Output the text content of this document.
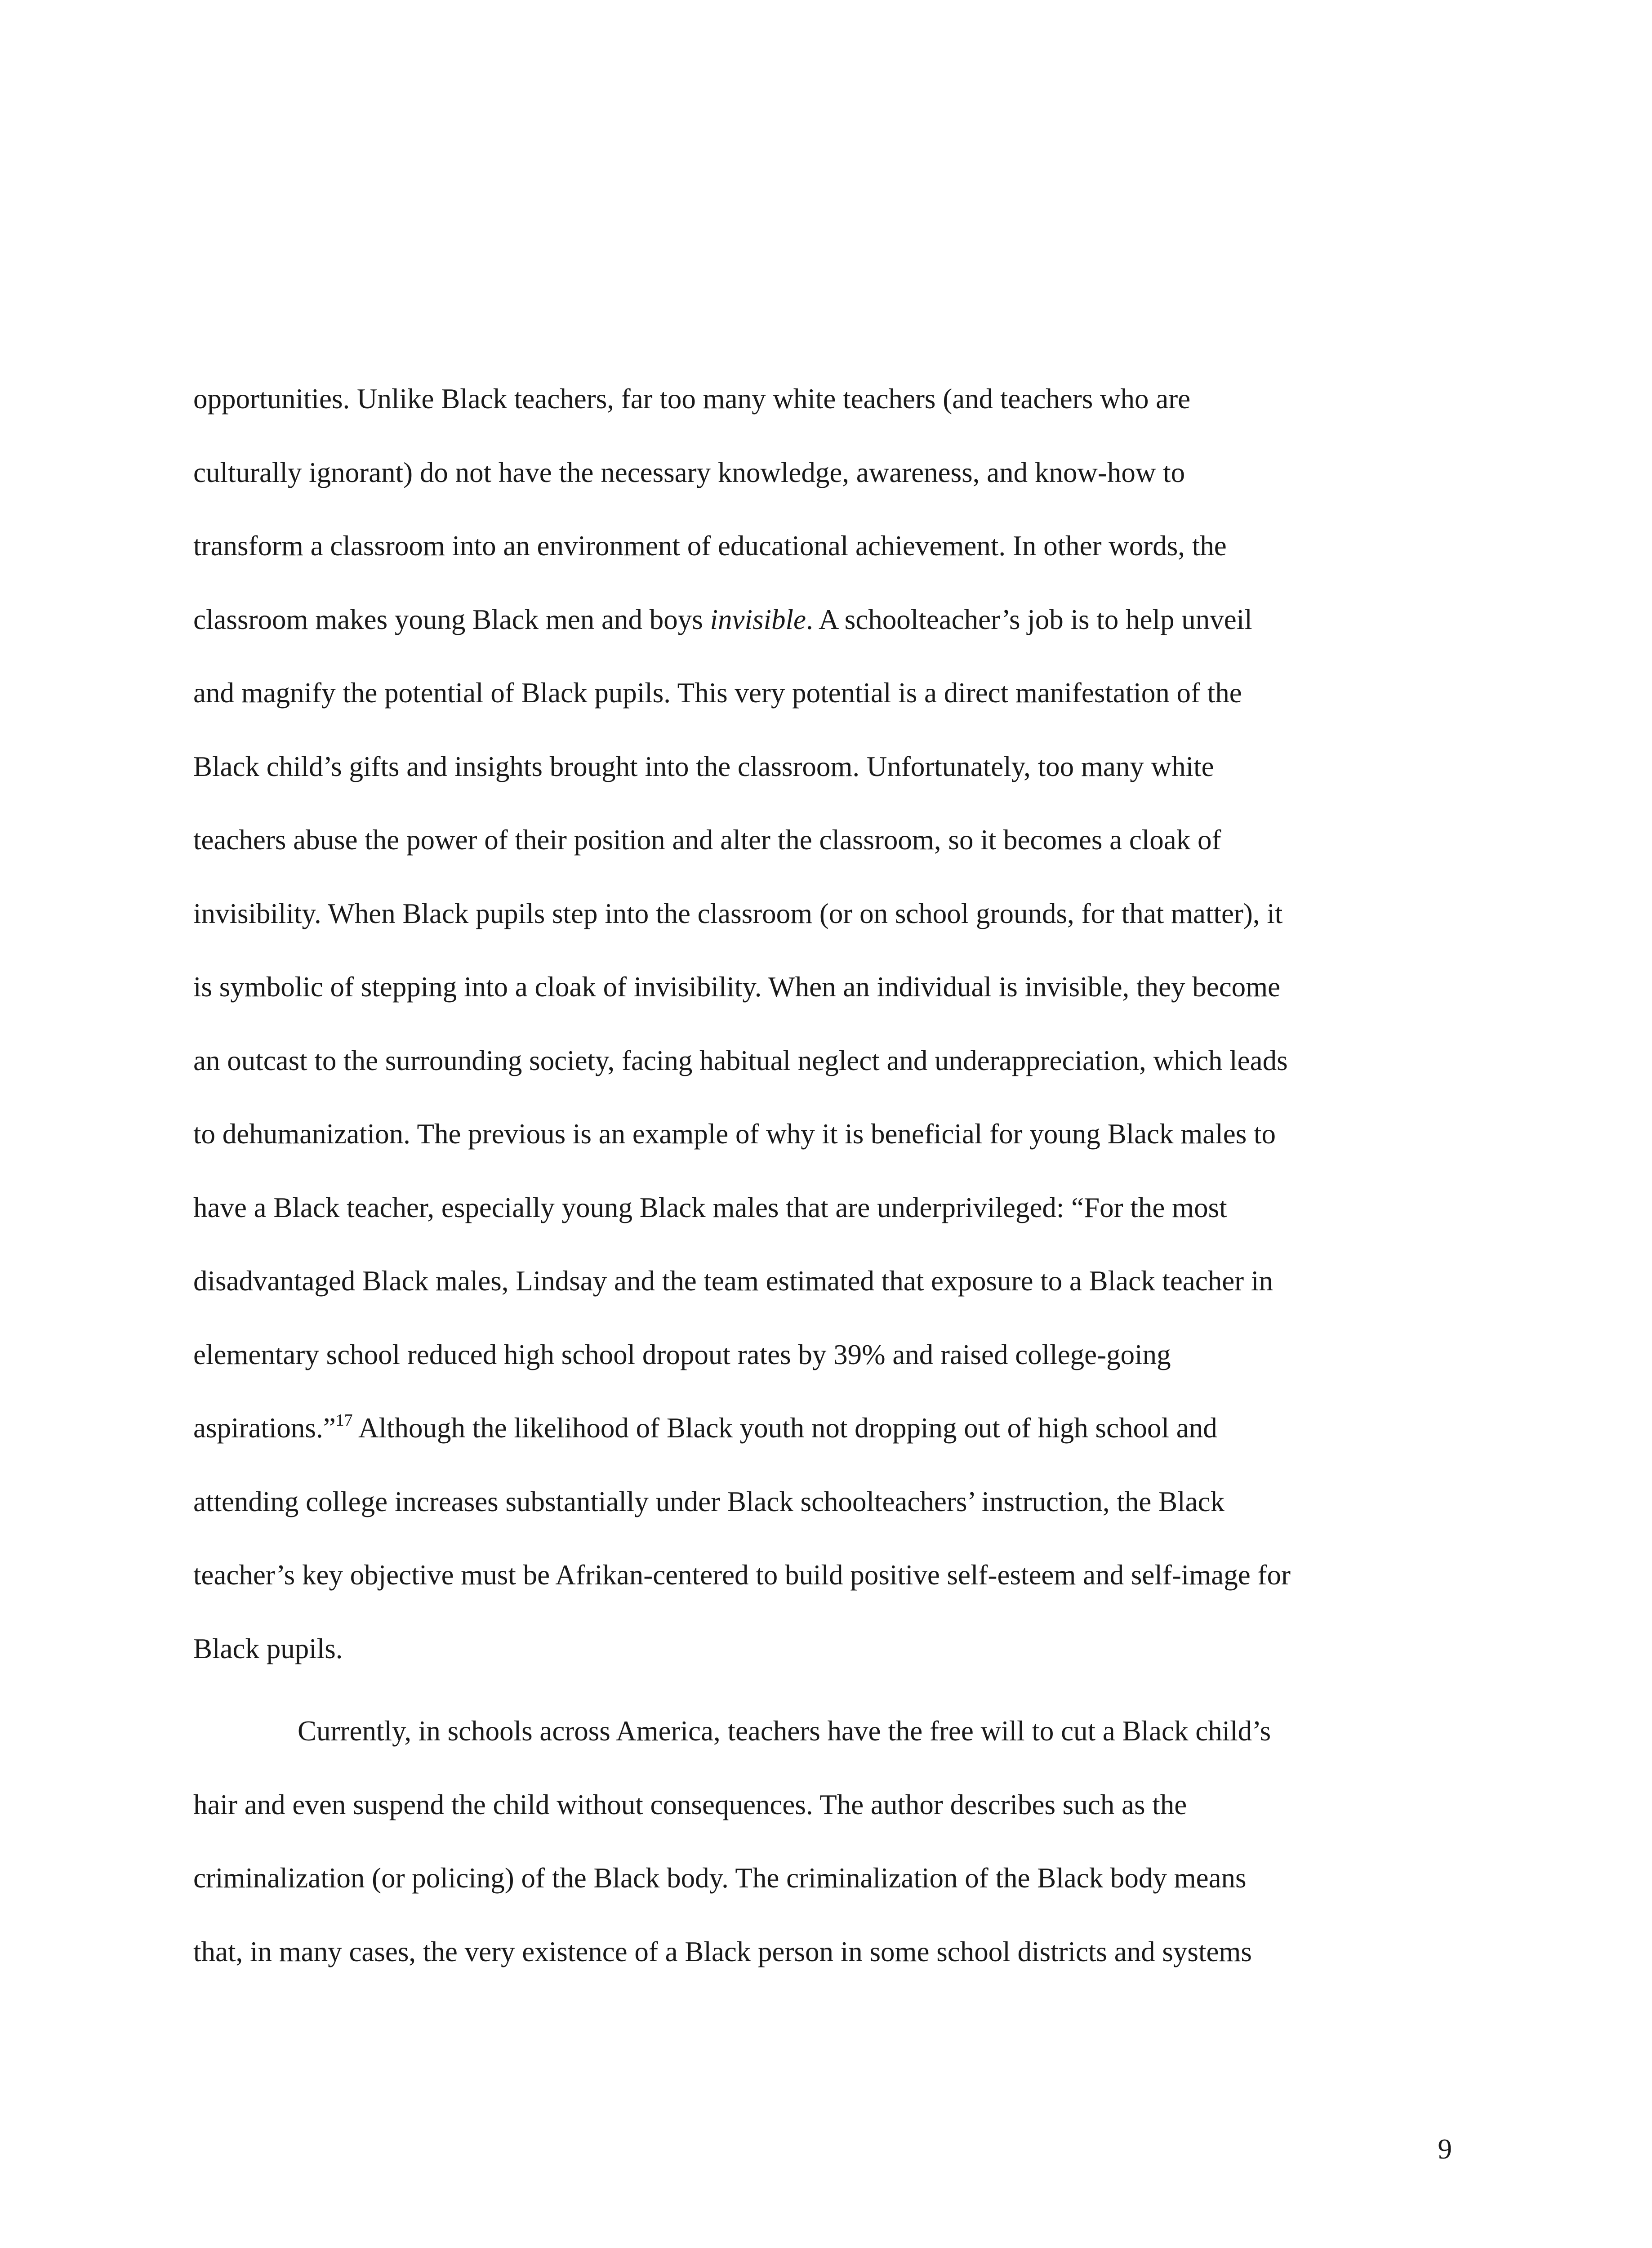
opportunities. Unlike Black teachers, far too many white teachers (and teachers who are
culturally ignorant) do not have the necessary knowledge, awareness, and know-how to
transform a classroom into an environment of educational achievement. In other words, the
classroom makes young Black men and boys invisible. A schoolteacher’s job is to help unveil
and magnify the potential of Black pupils. This very potential is a direct manifestation of the
Black child’s gifts and insights brought into the classroom. Unfortunately, too many white
teachers abuse the power of their position and alter the classroom, so it becomes a cloak of
invisibility. When Black pupils step into the classroom (or on school grounds, for that matter), it
is symbolic of stepping into a cloak of invisibility. When an individual is invisible, they become
an outcast to the surrounding society, facing habitual neglect and underappreciation, which leads
to dehumanization. The previous is an example of why it is beneficial for young Black males to
have a Black teacher, especially young Black males that are underprivileged: “For the most
disadvantaged Black males, Lindsay and the team estimated that exposure to a Black teacher in
elementary school reduced high school dropout rates by 39% and raised college-going
aspirations.”$^{17}$ Although the likelihood of Black youth not dropping out of high school and
attending college increases substantially under Black schoolteachers’ instruction, the Black
teacher’s key objective must be Afrikan-centered to build positive self-esteem and self-image for
Black pupils.
Currently, in schools across America, teachers have the free will to cut a Black child’s
hair and even suspend the child without consequences. The author describes such as the
criminalization (or policing) of the Black body. The criminalization of the Black body means
that, in many cases, the very existence of a Black person in some school districts and systems
9
